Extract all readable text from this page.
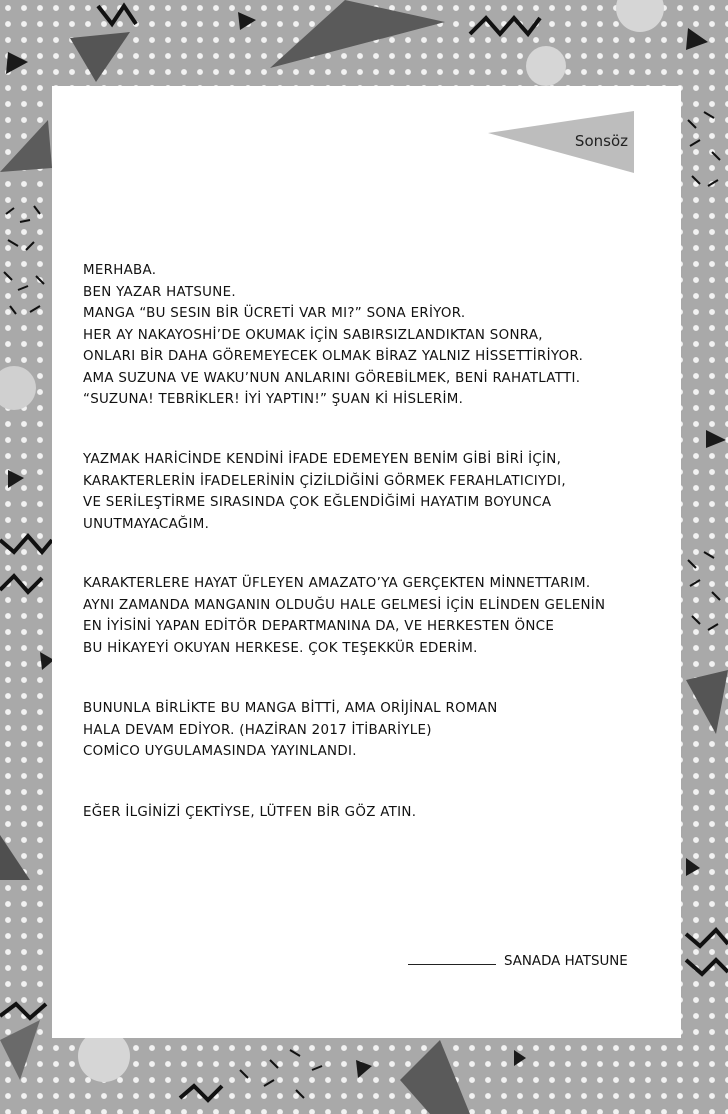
Sonsöz

MERHABA.
BEN YAZAR HATSUNE.
MANGA “BU SESIN BİR ÜCRETİ VAR MI?” SONA ERİYOR.
HER AY NAKAYOSHİ’DE OKUMAK İÇİN SABIRSIZLANDIKTAN SONRA,
ONLARI BİR DAHA GÖREMEYECEK OLMAK BİRAZ YALNIZ HİSSETTİRİYOR.
AMA SUZUNA VE WAKU’NUN ANLARINI GÖREBİLMEK, BENİ RAHATLATTI.
“SUZUNA! TEBRİKLER! İYİ YAPTIN!” ŞUAN Kİ HİSLERİM.

YAZMAK HARİCİNDE KENDİNİ İFADE EDEMEYEN BENİM GİBİ BİRİ İÇİN,
KARAKTERLERİN İFADELERİNİN ÇİZİLDİĞİNİ GÖRMEK FERAHLATICIYDI,
VE SERİLEŞTİRME SIRASINDA ÇOK EĞLENDİĞİMİ HAYATIM BOYUNCA
UNUTMAYACAĞIM.

KARAKTERLERE HAYAT ÜFLEYEN AMAZATO’YA GERÇEKTEN MİNNETTARIM.
AYNI ZAMANDA MANGANIN OLDUĞU HALE GELMESİ İÇİN ELİNDEN GELENİN
EN İYİSİNİ YAPAN EDİTÖR DEPARTMANINA DA, VE HERKESTEN ÖNCE
BU HİKAYEYİ OKUYAN HERKESE. ÇOK TEŞEKKÜR EDERİM.

BUNUNLA BİRLİKTE BU MANGA BİTTİ, AMA ORİJİNAL ROMAN
HALA DEVAM EDİYOR. (HAZİRAN 2017 İTİBARİYLE)
COMİCO UYGULAMASINDA YAYINLANDI.

EĞER İLGİNİZİ ÇEKTİYSE, LÜTFEN BİR GÖZ ATIN.

SANADA HATSUNE
